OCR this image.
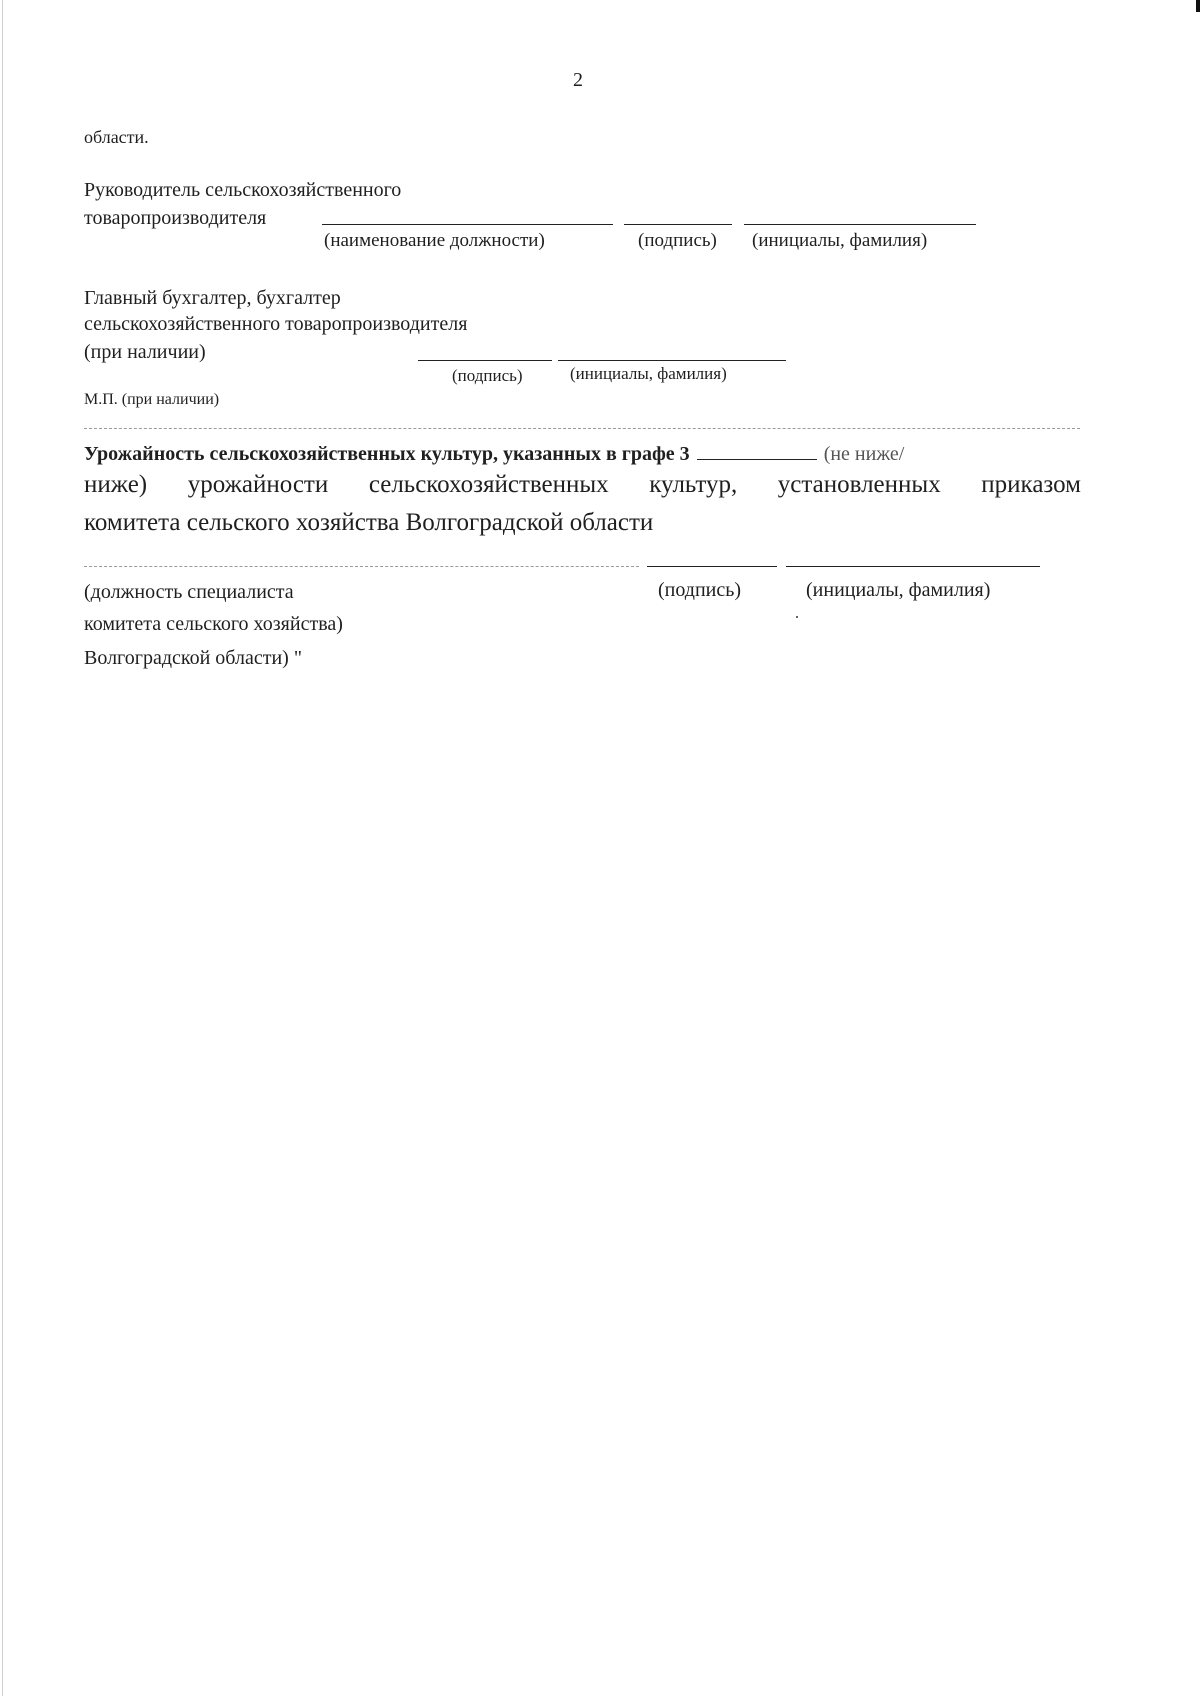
2
области.
Руководитель сельскохозяйственного
товаропроизводителя
(наименование должности)	(подпись) (инициалы, фамилия)
Главный бухгалтер, бухгалтер
сельскохозяйственного товаропроизводителя
(при наличии)
(подпись)	(инициалы, фамилия)
М.П. (при наличии)
Урожайность сельскохозяйственных культур, указанных в графе 3	(не ниже/
ниже) урожайности сельскохозяйственных культур, установленных приказом
комитета сельского хозяйства Волгоградской области
(должность специалиста
комитета сельского хозяйства)
Волгоградской области) "
(подпись)	(инициалы, фамилия)
